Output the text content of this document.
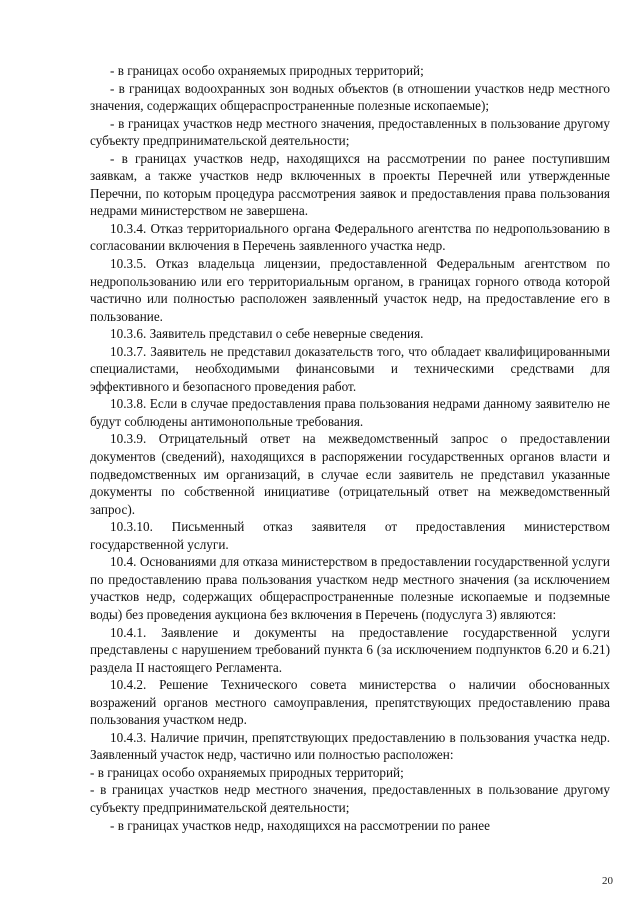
- в границах особо охраняемых природных территорий;

- в границах водоохранных зон водных объектов (в отношении участков недр местного значения, содержащих общераспространенные полезные ископаемые);

- в границах участков недр местного значения, предоставленных в пользование другому субъекту предпринимательской деятельности;

- в границах участков недр, находящихся на рассмотрении по ранее поступившим заявкам, а также участков недр включенных в проекты Перечней или утвержденные Перечни, по которым процедура рассмотрения заявок и предоставления права пользования недрами министерством не завершена.

10.3.4. Отказ территориального органа Федерального агентства по недропользованию в согласовании включения в Перечень заявленного участка недр.

10.3.5. Отказ владельца лицензии, предоставленной Федеральным агентством по недропользованию или его территориальным органом, в границах горного отвода которой частично или полностью расположен заявленный участок недр, на предоставление его в пользование.

10.3.6. Заявитель представил о себе неверные сведения.

10.3.7. Заявитель не представил доказательств того, что обладает квалифицированными специалистами, необходимыми финансовыми и техническими средствами для эффективного и безопасного проведения работ.

10.3.8. Если в случае предоставления права пользования недрами данному заявителю не будут соблюдены антимонопольные требования.

10.3.9. Отрицательный ответ на межведомственный запрос о предоставлении документов (сведений), находящихся в распоряжении государственных органов власти и подведомственных им организаций, в случае если заявитель не представил указанные документы по собственной инициативе (отрицательный ответ на межведомственный запрос).

10.3.10. Письменный отказ заявителя от предоставления министерством государственной услуги.

10.4. Основаниями для отказа министерством в предоставлении государственной услуги по предоставлению права пользования участком недр местного значения (за исключением участков недр, содержащих общераспространенные полезные ископаемые и подземные воды) без проведения аукциона без включения в Перечень (подуслуга 3) являются:

10.4.1. Заявление и документы на предоставление государственной услуги представлены с нарушением требований пункта 6 (за исключением подпунктов 6.20 и 6.21) раздела II настоящего Регламента.

10.4.2. Решение Технического совета министерства о наличии обоснованных возражений органов местного самоуправления, препятствующих предоставлению права пользования участком недр.

10.4.3. Наличие причин, препятствующих предоставлению в пользования участка недр. Заявленный участок недр, частично или полностью расположен:

- в границах особо охраняемых природных территорий;

- в границах участков недр местного значения, предоставленных в пользование другому субъекту предпринимательской деятельности;

- в границах участков недр, находящихся на рассмотрении по ранее

20
